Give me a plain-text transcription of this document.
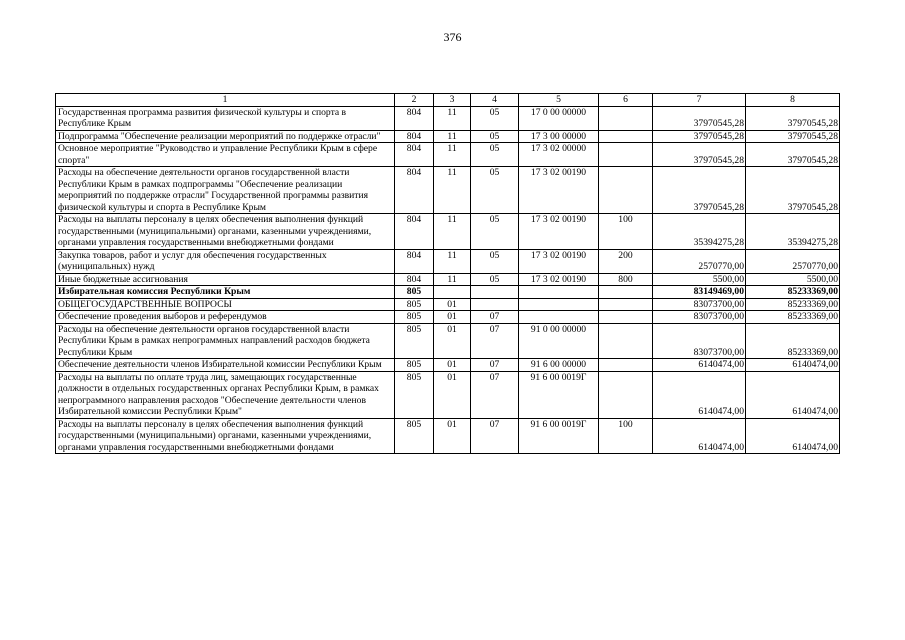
376
1	2	3	4	5	6	7	8
Государственная программа развития физической культуры и спорта в Республике Крым	804	11	05	17 0 00 00000		37970545,28	37970545,28
Подпрограмма "Обеспечение реализации мероприятий по поддержке отрасли"	804	11	05	17 3 00 00000		37970545,28	37970545,28
Основное мероприятие "Руководство и управление Республики Крым в сфере спорта"	804	11	05	17 3 02 00000		37970545,28	37970545,28
Расходы на обеспечение деятельности органов государственной власти Республики Крым в рамках подпрограммы "Обеспечение реализации мероприятий по поддержке отрасли" Государственной программы развития физической культуры и спорта в Республике Крым	804	11	05	17 3 02 00190		37970545,28	37970545,28
Расходы на выплаты персоналу в целях обеспечения выполнения функций государственными (муниципальными) органами, казенными учреждениями, органами управления государственными внебюджетными фондами	804	11	05	17 3 02 00190	100	35394275,28	35394275,28
Закупка товаров, работ и услуг для обеспечения государственных (муниципальных) нужд	804	11	05	17 3 02 00190	200	2570770,00	2570770,00
Иные бюджетные ассигнования	804	11	05	17 3 02 00190	800	5500,00	5500,00
Избирательная комиссия Республики Крым	805					83149469,00	85233369,00
ОБЩЕГОСУДАРСТВЕННЫЕ ВОПРОСЫ	805	01				83073700,00	85233369,00
Обеспечение проведения выборов и референдумов	805	01	07			83073700,00	85233369,00
Расходы на обеспечение деятельности органов государственной власти Республики Крым в рамках непрограммных направлений расходов бюджета Республики Крым	805	01	07	91 0 00 00000		83073700,00	85233369,00
Обеспечение деятельности членов Избирательной комиссии Республики Крым	805	01	07	91 6 00 00000		6140474,00	6140474,00
Расходы на выплаты по оплате труда лиц, замещающих государственные должности в отдельных государственных органах Республики Крым, в рамках непрограммного направления расходов "Обеспечение деятельности членов Избирательной комиссии Республики Крым"	805	01	07	91 6 00 0019Г		6140474,00	6140474,00
Расходы на выплаты персоналу в целях обеспечения выполнения функций государственными (муниципальными) органами, казенными учреждениями, органами управления государственными внебюджетными фондами	805	01	07	91 6 00 0019Г	100	6140474,00	6140474,00
